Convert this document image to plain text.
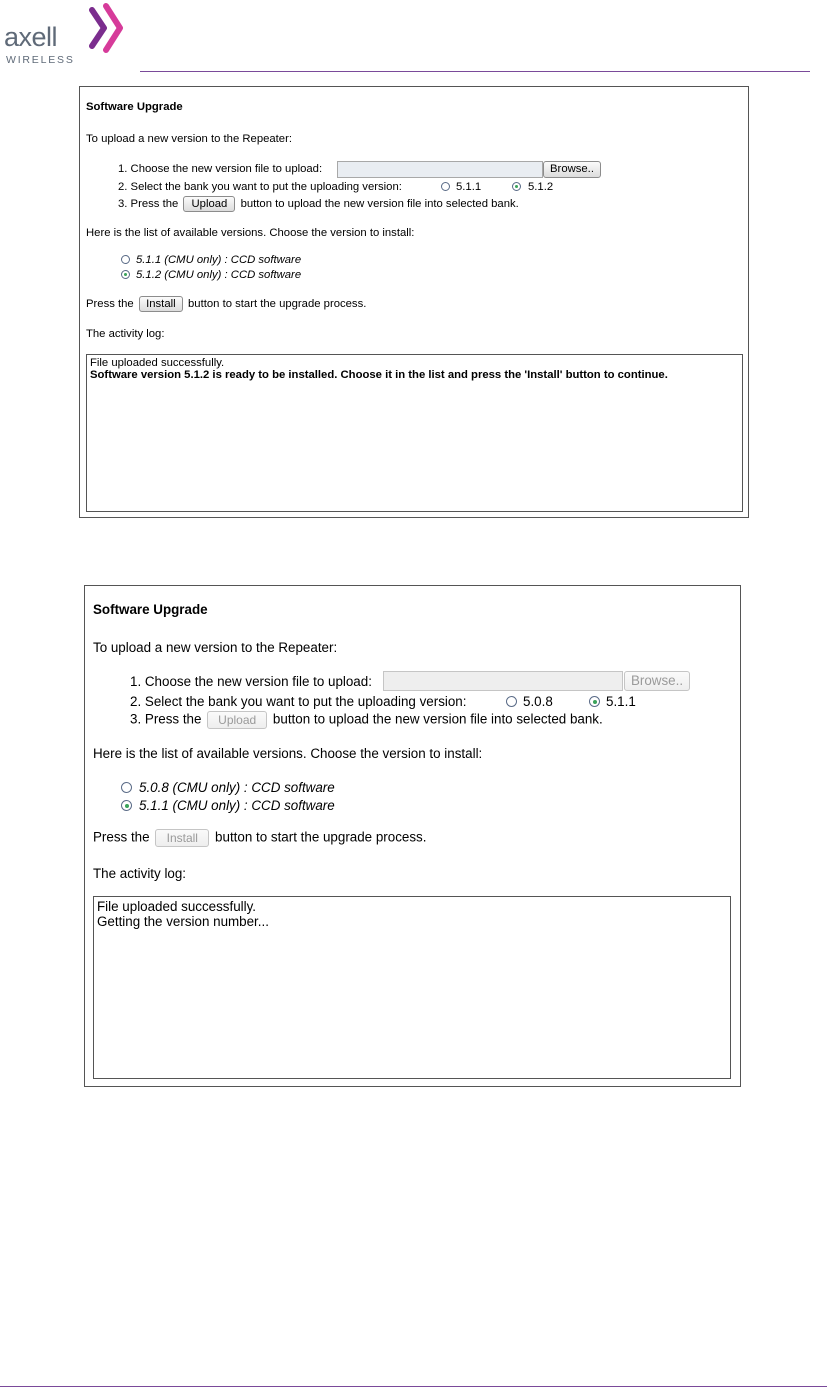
axell
WIRELESS
Software Upgrade
To upload a new version to the Repeater:
1. Choose the new version file to upload:	Browse..
2. Select the bank you want to put the uploading version:	5.1.1	5.1.2
3. Press the Upload button to upload the new version file into selected bank.
Here is the list of available versions. Choose the version to install:
5.1.1 (CMU only) : CCD software
5.1.2 (CMU only) : CCD software
Press the Install button to start the upgrade process.
The activity log:
File uploaded successfully.
Software version 5.1.2 is ready to be installed. Choose it in the list and press the 'Install' button to continue.
Software Upgrade
To upload a new version to the Repeater:
1. Choose the new version file to upload:	Browse..
2. Select the bank you want to put the uploading version:	5.0.8	5.1.1
3. Press the Upload button to upload the new version file into selected bank.
Here is the list of available versions. Choose the version to install:
5.0.8 (CMU only) : CCD software
5.1.1 (CMU only) : CCD software
Press the Install button to start the upgrade process.
The activity log:
File uploaded successfully.
Getting the version number...
